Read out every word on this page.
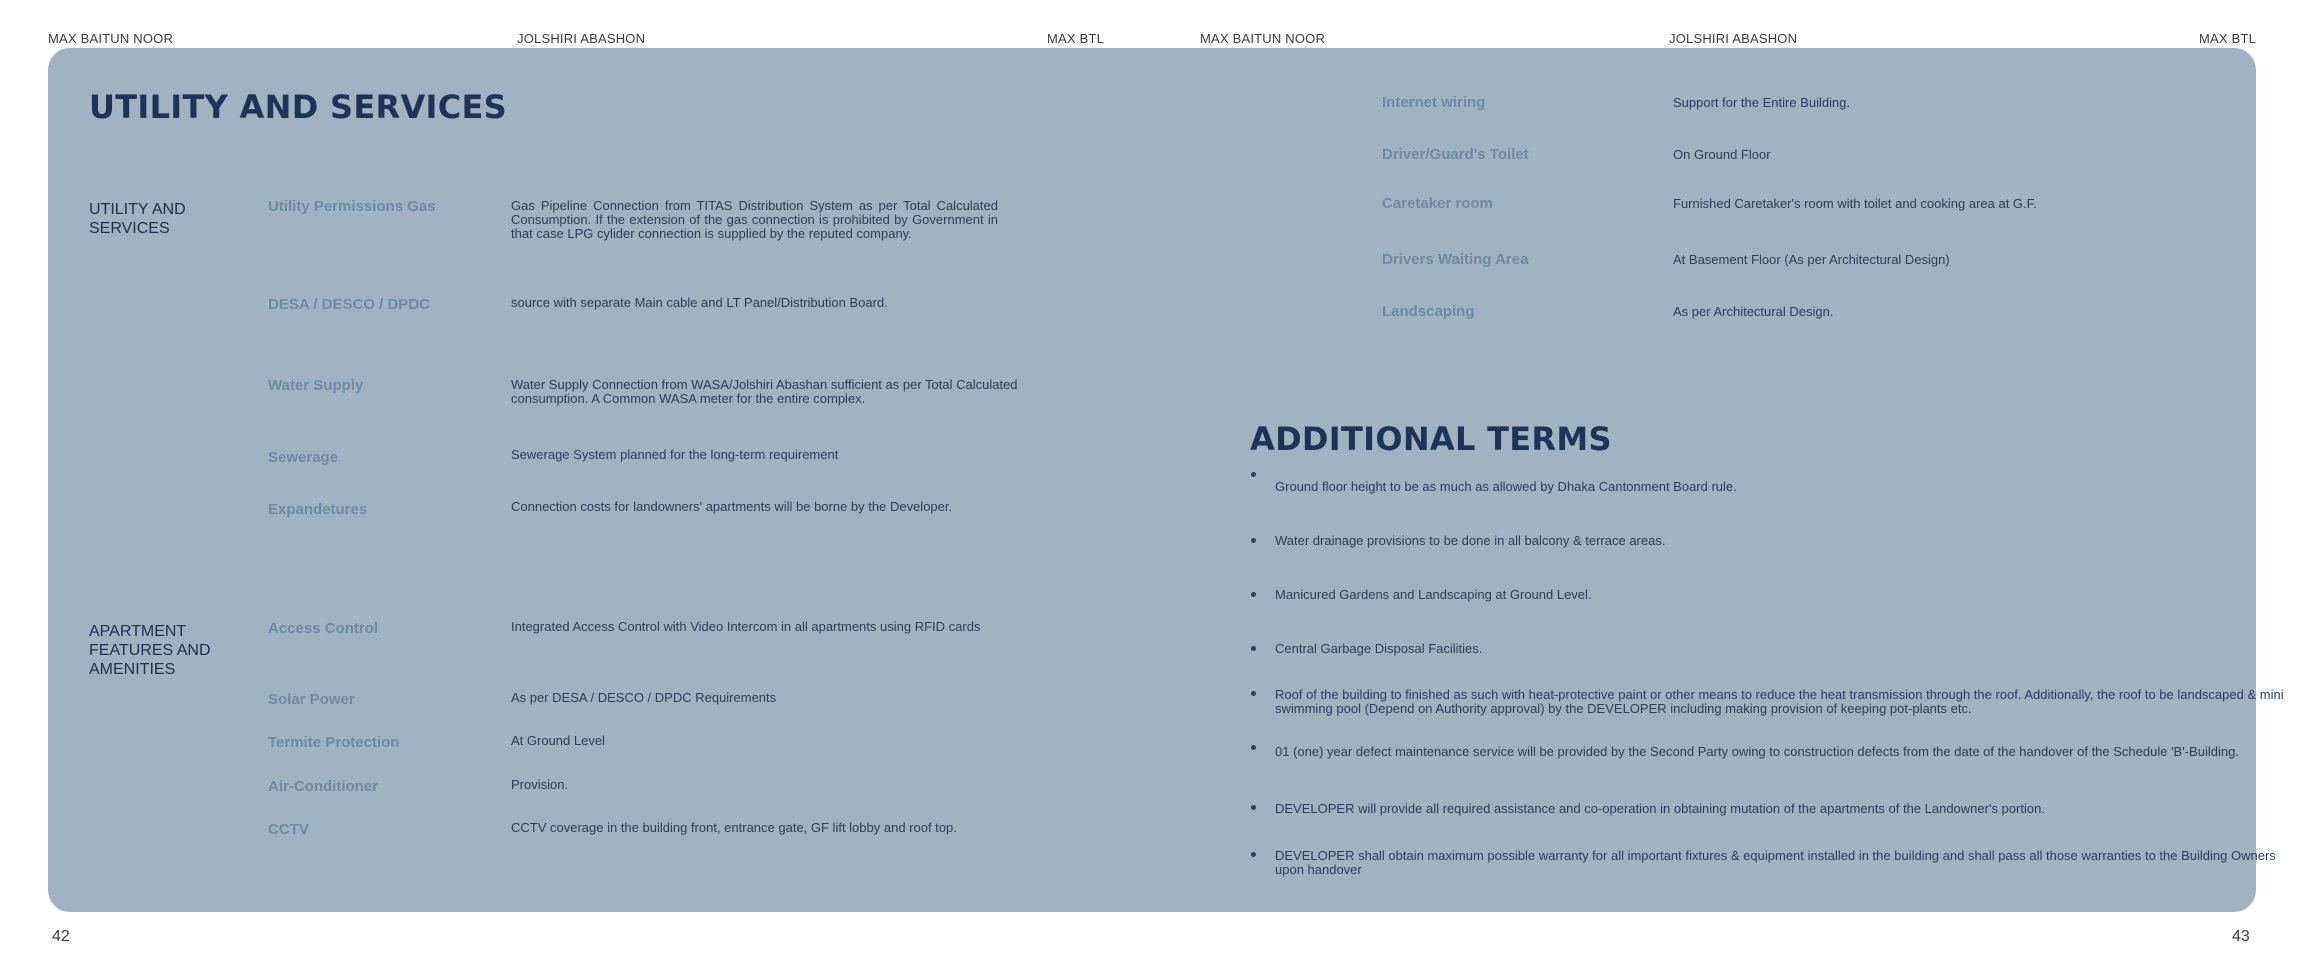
MAX BAITUN NOOR	JOLSHIRI ABASHON	MAX BTL	MAX BAITUN NOOR	JOLSHIRI ABASHON	MAX BTL
UTILITY AND SERVICES
UTILITY AND SERVICES
Utility Permissions Gas	Gas Pipeline Connection from TITAS Distribution System as per Total Calculated Consumption. If the extension of the gas connection is prohibited by Government in that case LPG cylider connection is supplied by the reputed company.
DESA / DESCO / DPDC	source with separate Main cable and LT Panel/Distribution Board.
Water Supply	Water Supply Connection from WASA/Jolshiri Abashan sufficient as per Total Calculated consumption. A Common WASA meter for the entire complex.
Sewerage	Sewerage System planned for the long-term requirement
Expandetures	Connection costs for landowners' apartments will be borne by the Developer.
APARTMENT FEATURES AND AMENITIES
Access Control	Integrated Access Control with Video Intercom in all apartments using RFID cards
Solar Power	As per DESA / DESCO / DPDC Requirements
Termite Protection	At Ground Level
Air-Conditioner	Provision.
CCTV	CCTV coverage in the building front, entrance gate, GF lift lobby and roof top.
Internet wiring	Support for the Entire Building.
Driver/Guard's Toilet	On Ground Floor
Caretaker room	Furnished Caretaker's room with toilet and cooking area at G.F.
Drivers Waiting Area	At Basement Floor (As per Architectural Design)
Landscaping	As per Architectural Design.
ADDITIONAL TERMS
Ground floor height to be as much as allowed by Dhaka Cantonment Board rule.
Water drainage provisions to be done in all balcony & terrace areas.
Manicured Gardens and Landscaping at Ground Level.
Central Garbage Disposal Facilities.
Roof of the building to finished as such with heat-protective paint or other means to reduce the heat transmission through the roof. Additionally, the roof to be landscaped & mini swimming pool (Depend on Authority approval) by the DEVELOPER including making provision of keeping pot-plants etc.
01 (one) year defect maintenance service will be provided by the Second Party owing to construction defects from the date of the handover of the Schedule 'B'-Building.
DEVELOPER will provide all required assistance and co-operation in obtaining mutation of the apartments of the Landowner's portion.
DEVELOPER shall obtain maximum possible warranty for all important fixtures & equipment installed in the building and shall pass all those warranties to the Building Owners upon handover
42	43
